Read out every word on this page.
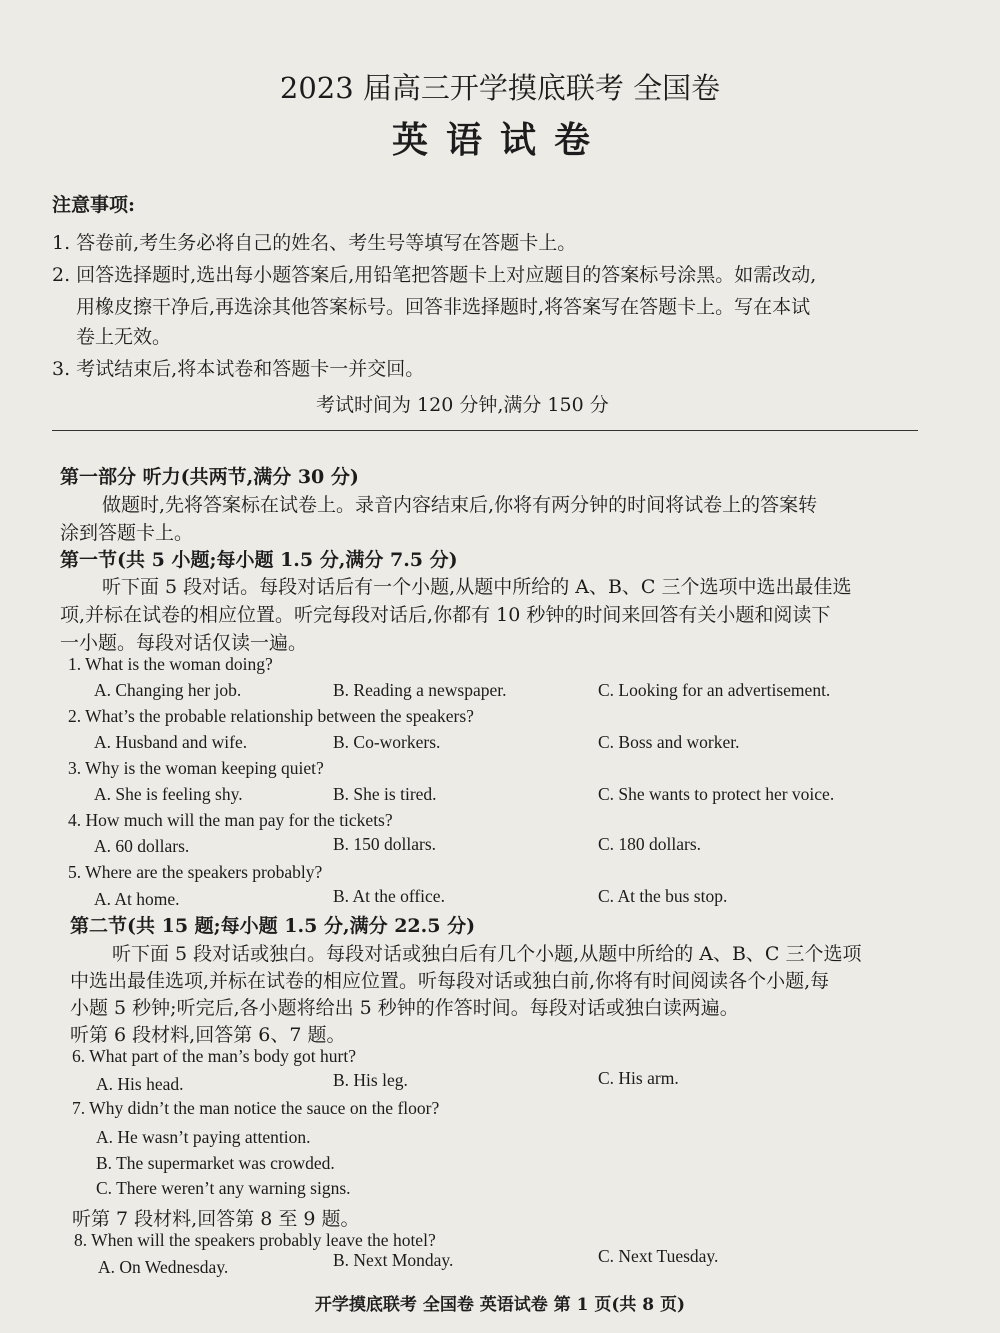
2023 届高三开学摸底联考 全国卷
英语试卷
注意事项:
1. 答卷前,考生务必将自己的姓名、考生号等填写在答题卡上。
2. 回答选择题时,选出每小题答案后,用铅笔把答题卡上对应题目的答案标号涂黑。如需改动,
用橡皮擦干净后,再选涂其他答案标号。回答非选择题时,将答案写在答题卡上。写在本试
卷上无效。
3. 考试结束后,将本试卷和答题卡一并交回。
考试时间为 120 分钟,满分 150 分
第一部分 听力(共两节,满分 30 分)
做题时,先将答案标在试卷上。录音内容结束后,你将有两分钟的时间将试卷上的答案转
涂到答题卡上。
第一节(共 5 小题;每小题 1.5 分,满分 7.5 分)
听下面 5 段对话。每段对话后有一个小题,从题中所给的 A、B、C 三个选项中选出最佳选
项,并标在试卷的相应位置。听完每段对话后,你都有 10 秒钟的时间来回答有关小题和阅读下
一小题。每段对话仅读一遍。
1. What is the woman doing?
A. Changing her job.	B. Reading a newspaper.	C. Looking for an advertisement.
2. What’s the probable relationship between the speakers?
A. Husband and wife.	B. Co-workers.	C. Boss and worker.
3. Why is the woman keeping quiet?
A. She is feeling shy.	B. She is tired.	C. She wants to protect her voice.
4. How much will the man pay for the tickets?
A. 60 dollars.	B. 150 dollars.	C. 180 dollars.
5. Where are the speakers probably?
A. At home.	B. At the office.	C. At the bus stop.
第二节(共 15 题;每小题 1.5 分,满分 22.5 分)
听下面 5 段对话或独白。每段对话或独白后有几个小题,从题中所给的 A、B、C 三个选项
中选出最佳选项,并标在试卷的相应位置。听每段对话或独白前,你将有时间阅读各个小题,每
小题 5 秒钟;听完后,各小题将给出 5 秒钟的作答时间。每段对话或独白读两遍。
听第 6 段材料,回答第 6、7 题。
6. What part of the man’s body got hurt?
A. His head.	B. His leg.	C. His arm.
7. Why didn’t the man notice the sauce on the floor?
A. He wasn’t paying attention.
B. The supermarket was crowded.
C. There weren’t any warning signs.
听第 7 段材料,回答第 8 至 9 题。
8. When will the speakers probably leave the hotel?
A. On Wednesday.	B. Next Monday.	C. Next Tuesday.
开学摸底联考 全国卷 英语试卷 第 1 页(共 8 页)
